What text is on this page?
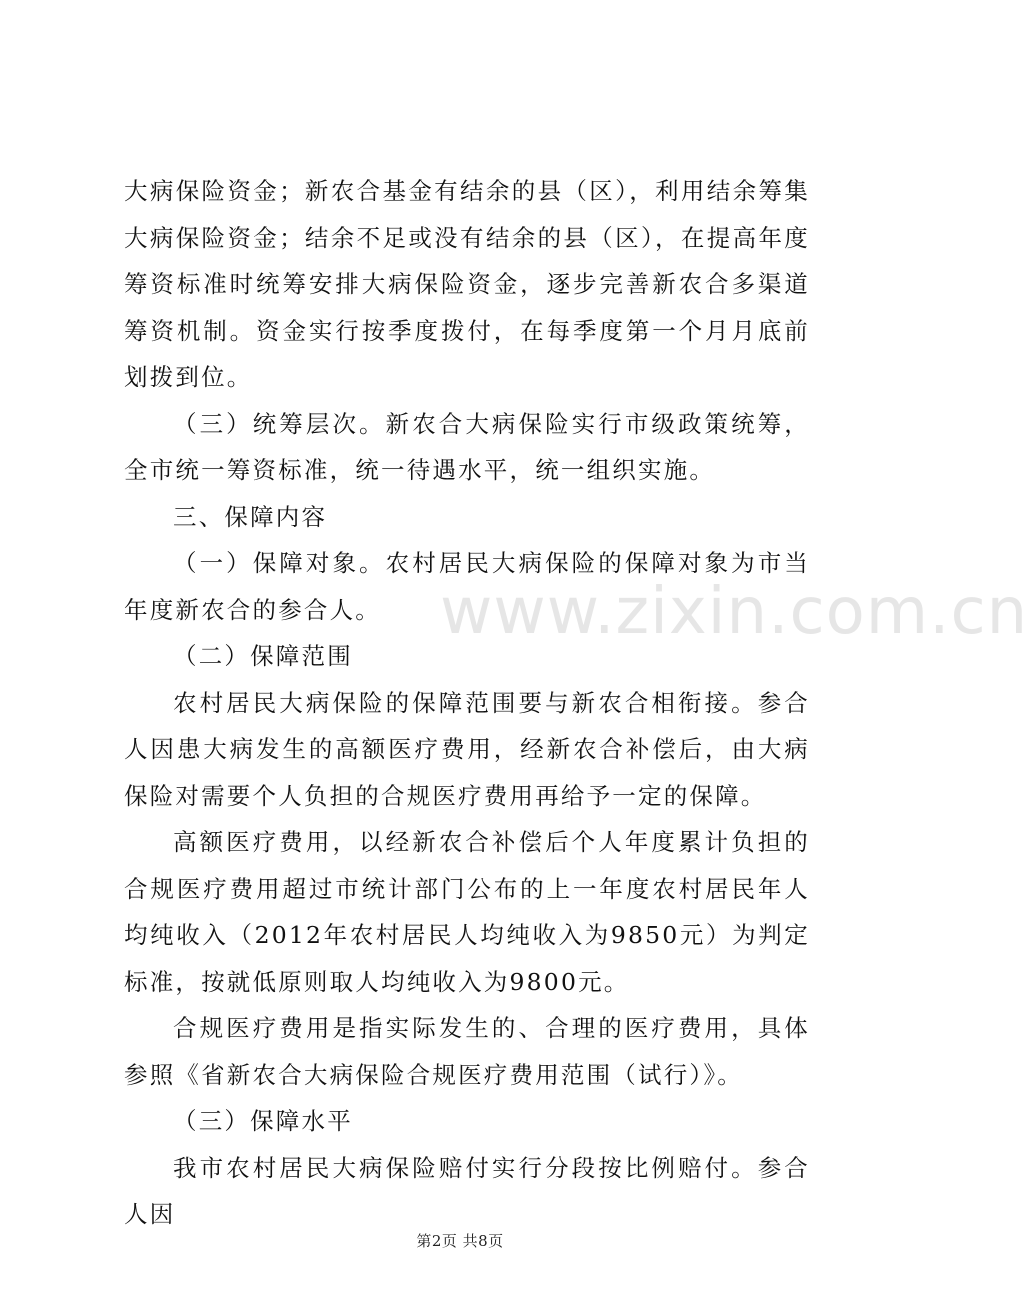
www.zixin.com.cn

大病保险资金；新农合基金有结余的县（区），利用结余筹集大病保险资金；结余不足或没有结余的县（区），在提高年度筹资标准时统筹安排大病保险资金，逐步完善新农合多渠道筹资机制。资金实行按季度拨付，在每季度第一个月月底前划拨到位。

（三）统筹层次。新农合大病保险实行市级政策统筹，全市统一筹资标准，统一待遇水平，统一组织实施。

三、保障内容

（一）保障对象。农村居民大病保险的保障对象为市当年度新农合的参合人。

（二）保障范围

农村居民大病保险的保障范围要与新农合相衔接。参合人因患大病发生的高额医疗费用，经新农合补偿后，由大病保险对需要个人负担的合规医疗费用再给予一定的保障。

高额医疗费用，以经新农合补偿后个人年度累计负担的合规医疗费用超过市统计部门公布的上一年度农村居民年人均纯收入（2012年农村居民人均纯收入为9850元）为判定标准，按就低原则取人均纯收入为9800元。

合规医疗费用是指实际发生的、合理的医疗费用，具体参照《省新农合大病保险合规医疗费用范围（试行）》。

（三）保障水平

我市农村居民大病保险赔付实行分段按比例赔付。参合人因

第2页 共8页
